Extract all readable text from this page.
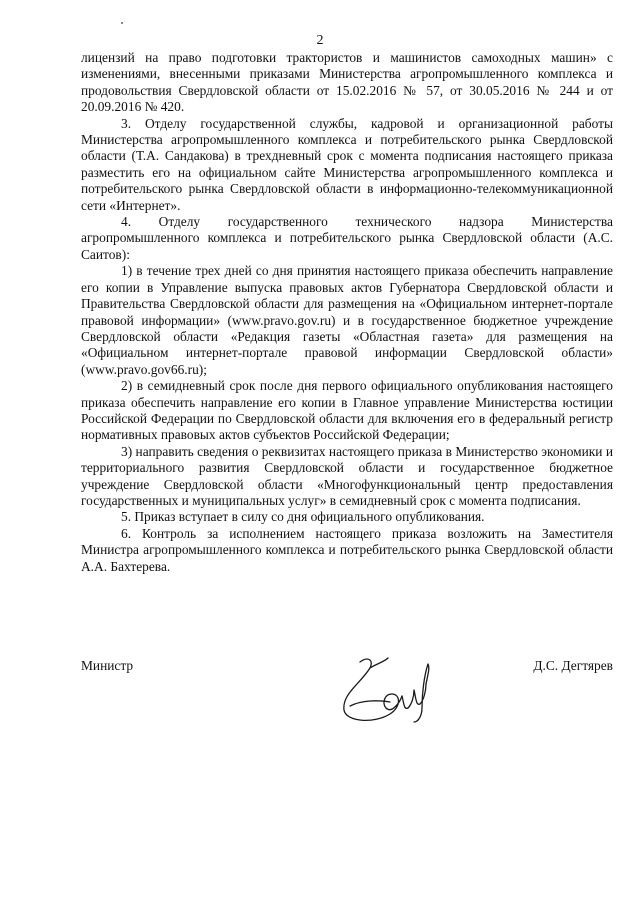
2

лицензий на право подготовки трактористов и машинистов самоходных машин» с изменениями, внесенными приказами Министерства агропромышленного комплекса и продовольствия Свердловской области от 15.02.2016 № 57, от 30.05.2016 № 244 и от 20.09.2016 № 420.

3. Отделу государственной службы, кадровой и организационной работы Министерства агропромышленного комплекса и потребительского рынка Свердловской области (Т.А. Сандакова) в трехдневный срок с момента подписания настоящего приказа разместить его на официальном сайте Министерства агропромышленного комплекса и потребительского рынка Свердловской области в информационно-телекоммуникационной сети «Интернет».

4. Отделу государственного технического надзора Министерства агропромышленного комплекса и потребительского рынка Свердловской области (А.С. Саитов):

1) в течение трех дней со дня принятия настоящего приказа обеспечить направление его копии в Управление выпуска правовых актов Губернатора Свердловской области и Правительства Свердловской области для размещения на «Официальном интернет-портале правовой информации» (www.pravo.gov.ru) и в государственное бюджетное учреждение Свердловской области «Редакция газеты «Областная газета» для размещения на «Официальном интернет-портале правовой информации Свердловской области» (www.pravo.gov66.ru);

2) в семидневный срок после дня первого официального опубликования настоящего приказа обеспечить направление его копии в Главное управление Министерства юстиции Российской Федерации по Свердловской области для включения его в федеральный регистр нормативных правовых актов субъектов Российской Федерации;

3) направить сведения о реквизитах настоящего приказа в Министерство экономики и территориального развития Свердловской области и государственное бюджетное учреждение Свердловской области «Многофункциональный центр предоставления государственных и муниципальных услуг» в семидневный срок с момента подписания.

5. Приказ вступает в силу со дня официального опубликования.

6. Контроль за исполнением настоящего приказа возложить на Заместителя Министра агропромышленного комплекса и потребительского рынка Свердловской области А.А. Бахтерева.

Министр	Д.С. Дегтярев
